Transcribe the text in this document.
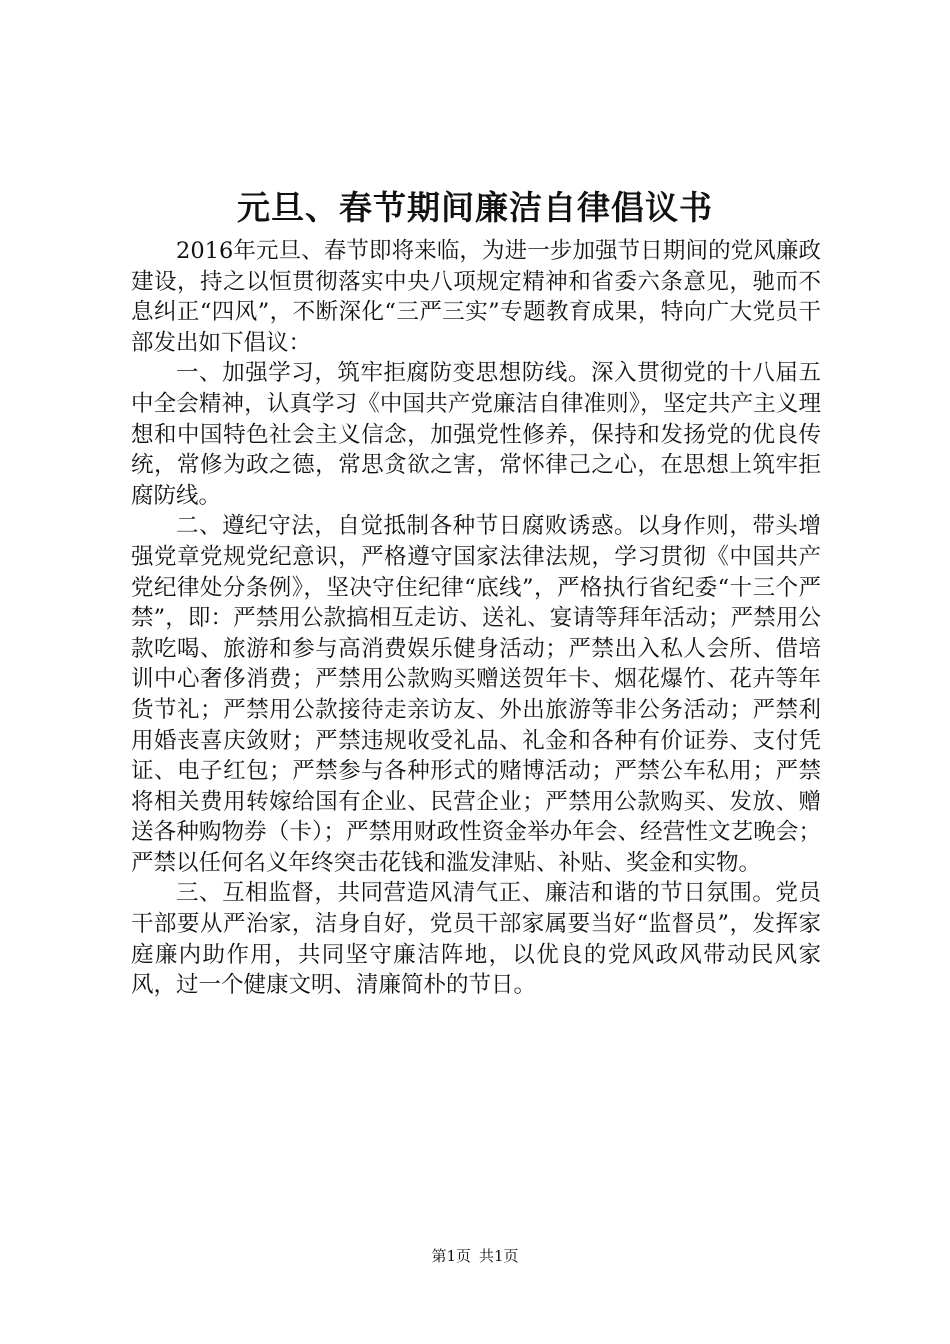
元旦、春节期间廉洁自律倡议书

2016年元旦、春节即将来临，为进一步加强节日期间的党风廉政建设，持之以恒贯彻落实中央八项规定精神和省委六条意见，驰而不息纠正“四风”，不断深化“三严三实”专题教育成果，特向广大党员干部发出如下倡议：

一、加强学习，筑牢拒腐防变思想防线。深入贯彻党的十八届五中全会精神，认真学习《中国共产党廉洁自律准则》，坚定共产主义理想和中国特色社会主义信念，加强党性修养，保持和发扬党的优良传统，常修为政之德，常思贪欲之害，常怀律己之心，在思想上筑牢拒腐防线。

二、遵纪守法，自觉抵制各种节日腐败诱惑。以身作则，带头增强党章党规党纪意识，严格遵守国家法律法规，学习贯彻《中国共产党纪律处分条例》，坚决守住纪律“底线”，严格执行省纪委“十三个严禁”，即：严禁用公款搞相互走访、送礼、宴请等拜年活动；严禁用公款吃喝、旅游和参与高消费娱乐健身活动；严禁出入私人会所、借培训中心奢侈消费；严禁用公款购买赠送贺年卡、烟花爆竹、花卉等年货节礼；严禁用公款接待走亲访友、外出旅游等非公务活动；严禁利用婚丧喜庆敛财；严禁违规收受礼品、礼金和各种有价证券、支付凭证、电子红包；严禁参与各种形式的赌博活动；严禁公车私用；严禁将相关费用转嫁给国有企业、民营企业；严禁用公款购买、发放、赠送各种购物券（卡）；严禁用财政性资金举办年会、经营性文艺晚会；严禁以任何名义年终突击花钱和滥发津贴、补贴、奖金和实物。

三、互相监督，共同营造风清气正、廉洁和谐的节日氛围。党员干部要从严治家，洁身自好，党员干部家属要当好“监督员”，发挥家庭廉内助作用，共同坚守廉洁阵地，以优良的党风政风带动民风家风，过一个健康文明、清廉简朴的节日。

第1页 共1页
